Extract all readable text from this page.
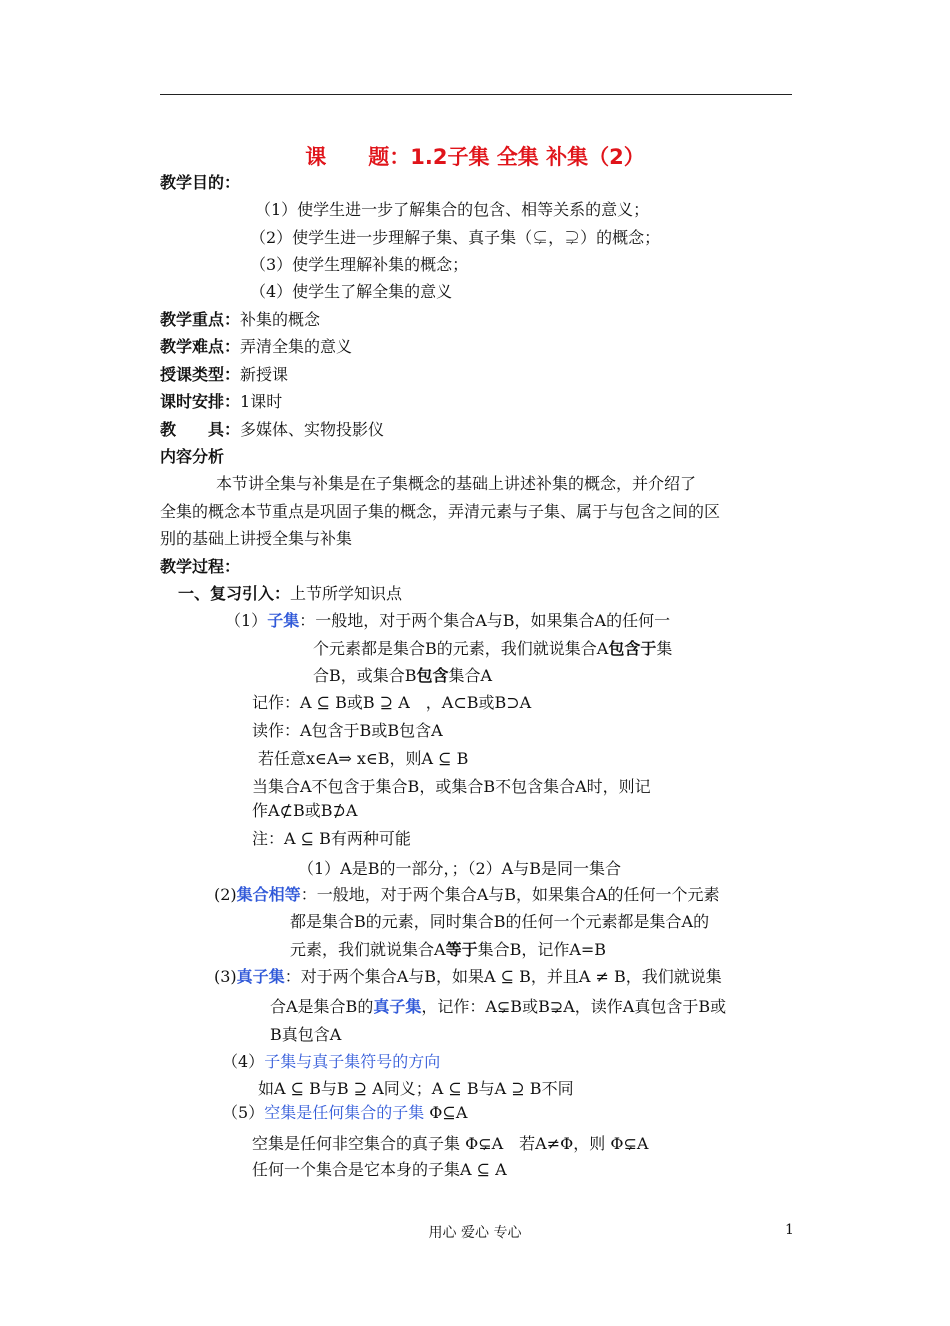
课　　题：1.2子集 全集 补集（2）
教学目的：
（1）使学生进一步了解集合的包含、相等关系的意义；
（2）使学生进一步理解子集、真子集（⊊，⊋）的概念；
（3）使学生理解补集的概念；
（4）使学生了解全集的意义
教学重点：补集的概念
教学难点：弄清全集的意义
授课类型：新授课
课时安排：1课时
教　　具：多媒体、实物投影仪
内容分析
本节讲全集与补集是在子集概念的基础上讲述补集的概念，并介绍了
全集的概念本节重点是巩固子集的概念，弄清元素与子集、属于与包含之间的区
别的基础上讲授全集与补集
教学过程：
一、复习引入：上节所学知识点
（1）子集：一般地，对于两个集合A与B，如果集合A的任何一
个元素都是集合B的元素，我们就说集合A包含于集
合B，或集合B包含集合A
记作：A ⊆ B或B ⊇ A　，A⊂B或B⊃A
读作：A包含于B或B包含A
若任意x∈A⇒ x∈B，则A ⊆ B
当集合A不包含于集合B，或集合B不包含集合A时，则记
作A⊄B或B⊅A
注：A ⊆ B有两种可能
（1）A是B的一部分，；（2）A与B是同一集合
(2)集合相等：一般地，对于两个集合A与B，如果集合A的任何一个元素
都是集合B的元素，同时集合B的任何一个元素都是集合A的
元素，我们就说集合A等于集合B，记作A=B
(3)真子集：对于两个集合A与B，如果A ⊆ B，并且A ≠ B，我们就说集
合A是集合B的真子集，记作：A⊊B或B⊋A，读作A真包含于B或
B真包含A
（4）子集与真子集符号的方向
如A ⊆ B与B ⊇ A同义；A ⊆ B与A ⊇ B不同
（5）空集是任何集合的子集 Φ⊆A
空集是任何非空集合的真子集 Φ⊊A　若A≠Φ，则 Φ⊊A
任何一个集合是它本身的子集A ⊆ A
用心 爱心 专心	1
